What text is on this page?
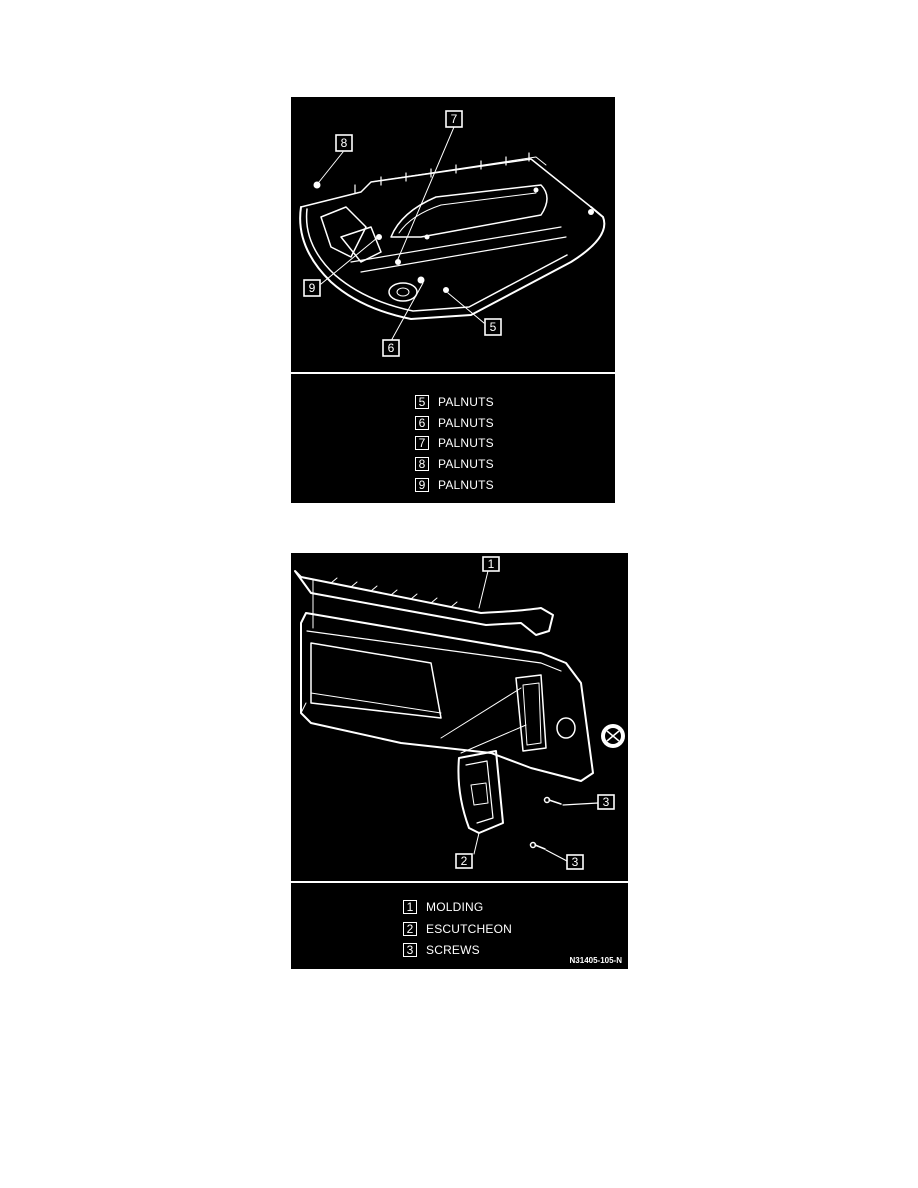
8
7
9
6
5
5	PALNUTS
6	PALNUTS
7	PALNUTS
8	PALNUTS
9	PALNUTS
1
3
2	3
1	MOLDING
2	ESCUTCHEON
3	SCREWS
N31405-105-N
